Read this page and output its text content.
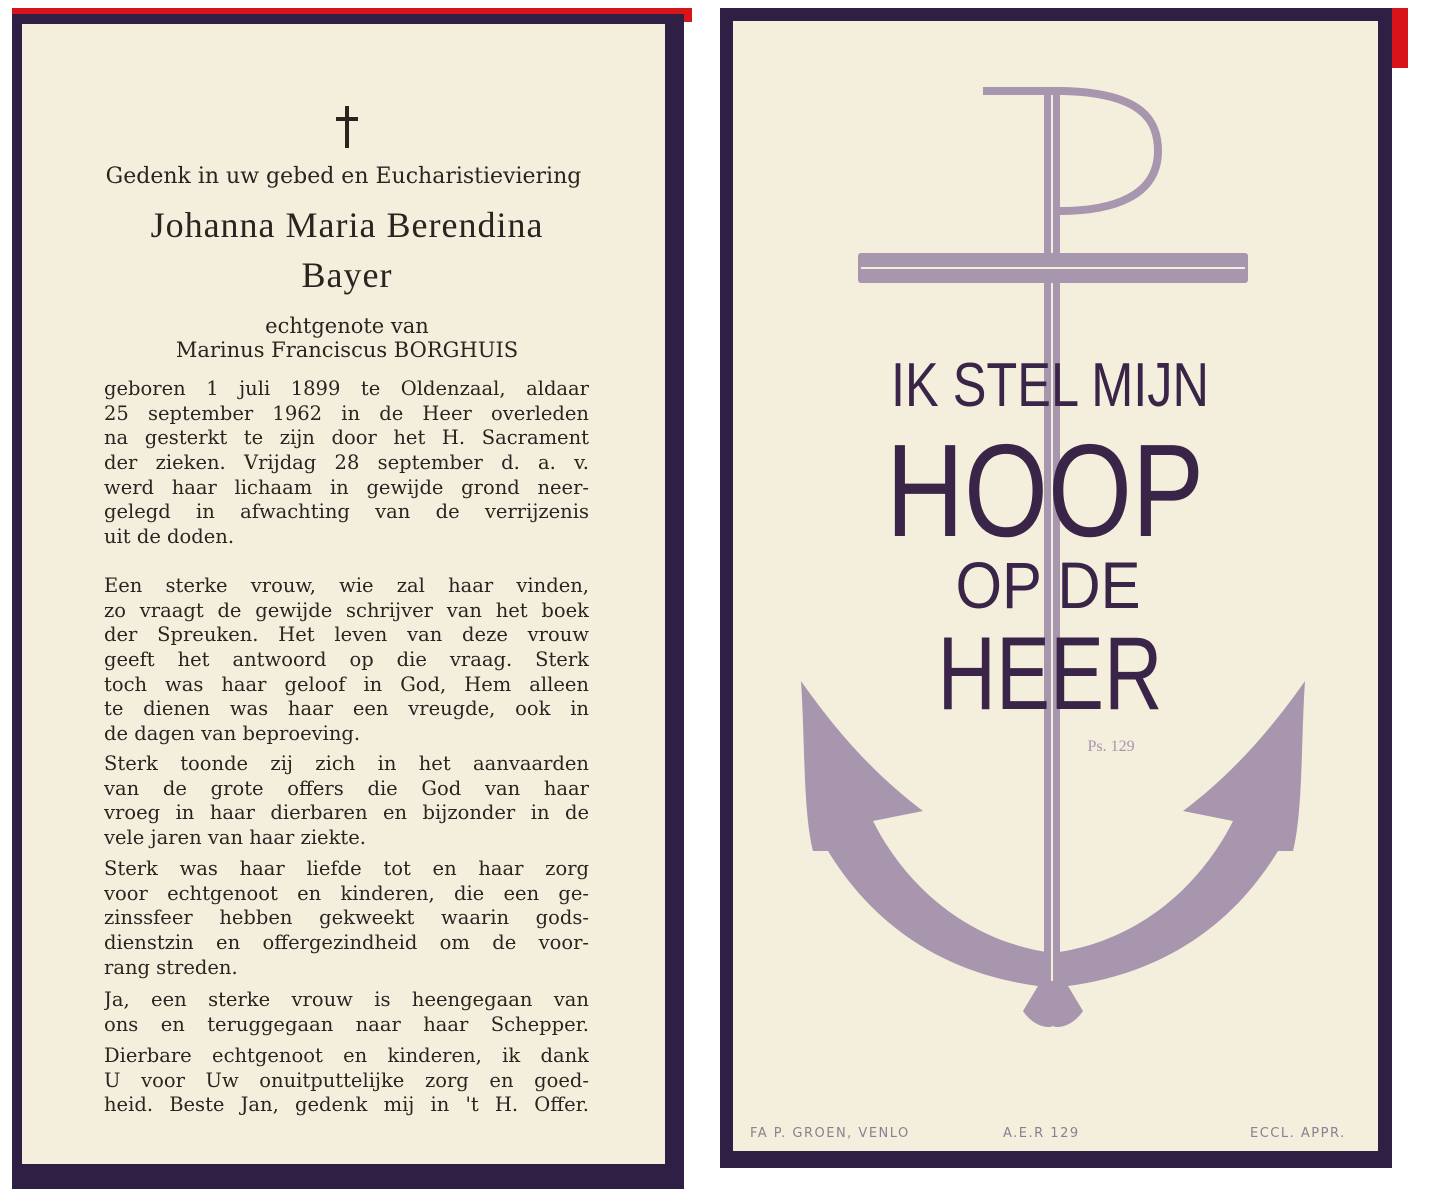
Gedenk in uw gebed en Eucharistieviering
Johanna Maria Berendina
Bayer
echtgenote van
Marinus Franciscus BORGHUIS
geboren 1 juli 1899 te Oldenzaal, aldaar
25 september 1962 in de Heer overleden
na gesterkt te zijn door het H. Sacrament
der zieken. Vrijdag 28 september d. a. v.
werd haar lichaam in gewijde grond neer-
gelegd in afwachting van de verrijzenis
uit de doden.
Een sterke vrouw, wie zal haar vinden,
zo vraagt de gewijde schrijver van het boek
der Spreuken. Het leven van deze vrouw
geeft het antwoord op die vraag. Sterk
toch was haar geloof in God, Hem alleen
te dienen was haar een vreugde, ook in
de dagen van beproeving.
Sterk toonde zij zich in het aanvaarden
van de grote offers die God van haar
vroeg in haar dierbaren en bijzonder in de
vele jaren van haar ziekte.
Sterk was haar liefde tot en haar zorg
voor echtgenoot en kinderen, die een ge-
zinssfeer hebben gekweekt waarin gods-
dienstzin en offergezindheid om de voor-
rang streden.
Ja, een sterke vrouw is heengegaan van
ons en teruggegaan naar haar Schepper.
Dierbare echtgenoot en kinderen, ik dank
U voor Uw onuitputtelijke zorg en goed-
heid. Beste Jan, gedenk mij in 't H. Offer.
IK STEL MIJN
HOOP
OP DE
HEER
Ps. 129
FA P. GROEN, VENLO	A.E.R 129	ECCL. APPR.
